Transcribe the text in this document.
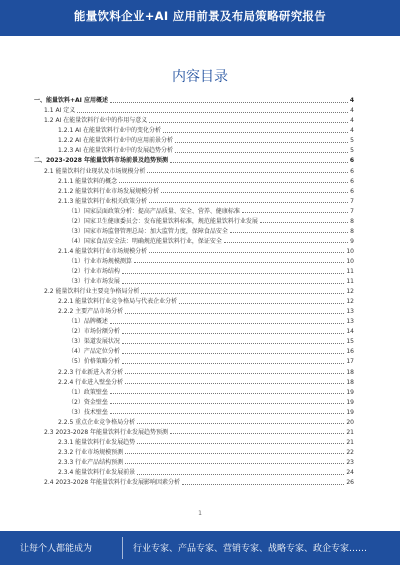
能量饮料企业+AI 应用前景及布局策略研究报告
内容目录
一、能量饮料+AI 应用概述	4
1.1 AI 定义	4
1.2 AI 在能量饮料行业中的作用与意义	4
1.2.1 AI 在能量饮料行业中的变化分析	4
1.2.2 AI 在能量饮料行业中的应用前景分析	5
1.2.3 AI 在能量饮料行业中的发展趋势分析	5
二、2023-2028 年能量饮料市场前景及趋势预测	6
2.1 能量饮料行业现状及市场规模分析	6
2.1.1 能量饮料的概念	6
2.1.2 能量饮料行业市场发展规模分析	6
2.1.3 能量饮料行业相关政策分析	7
（1）国家层面政策分析：提高产品质量、安全、营养、健康标准	7
（2）国家卫生健康委员会：发布能量饮料标准，规范能量饮料行业发展	8
（3）国家市场监督管理总局：加大监管力度，保障食品安全	8
（4）国家食品安全法：明确规范能量饮料行业，保证安全	9
2.1.4 能量饮料行业市场规模分析	10
（1）行业市场规模测算	10
（2）行业市场结构	11
（3）行业市场发展	11
2.2 能量饮料行业主要竞争格局分析	12
2.2.1 能量饮料行业竞争格局与代表企业分析	12
2.2.2 主要产品市场分析	13
（1）品牌概述	13
（2）市场份额分析	14
（3）渠道发展状况	15
（4）产品定位分析	16
（5）价格策略分析	17
2.2.3 行业新进入者分析	18
2.2.4 行业进入壁垒分析	18
（1）政策壁垒	19
（2）资金壁垒	19
（3）技术壁垒	19
2.2.5 重点企业竞争格局分析	20
2.3 2023-2028 年能量饮料行业发展趋势预测	21
2.3.1 能量饮料行业发展趋势	21
2.3.2 行业市场规模预测	22
2.3.3 行业产品结构预测	23
2.3.4 能量饮料行业发展前景	24
2.4 2023-2028 年能量饮料行业发展影响因素分析	26
1
让每个人都能成为	行业专家、产品专家、营销专家、战略专家、政企专家……
